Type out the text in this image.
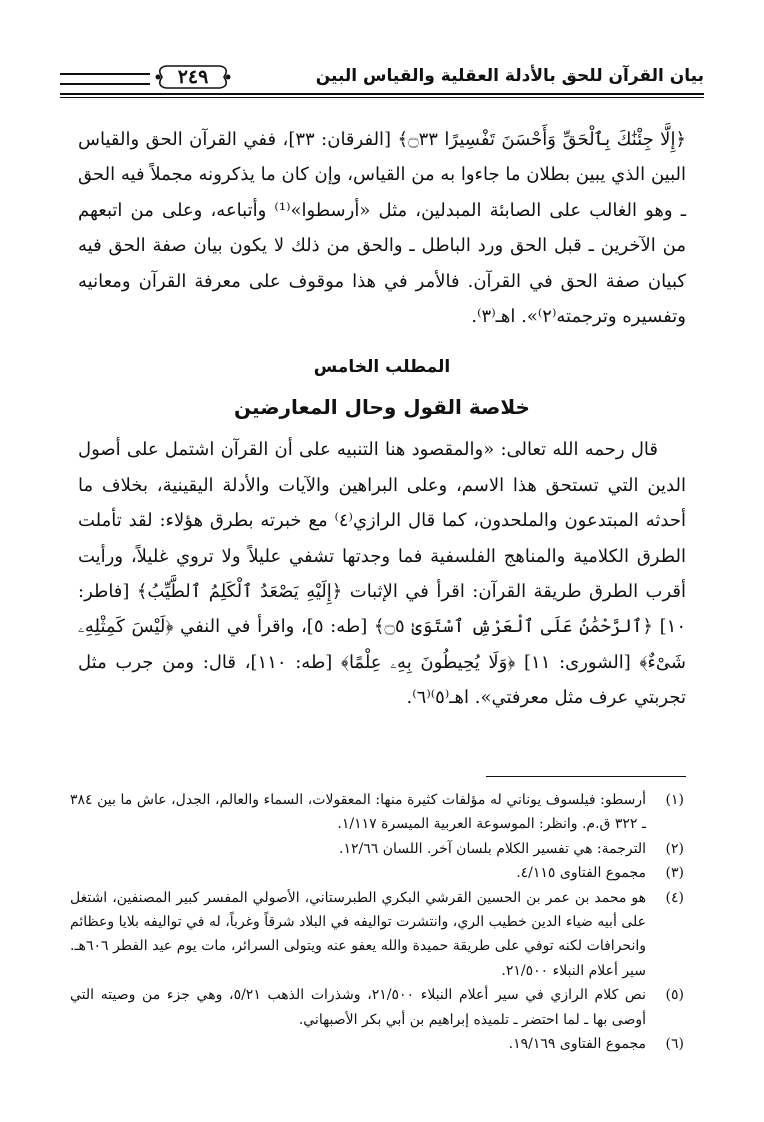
بيان القرآن للحق بالأدلة العقلية والقياس البين
٢٤٩

﴿إِلَّا جِئْنَٰكَ بِٱلْحَقِّ وَأَحْسَنَ تَفْسِيرًا ۝٣٣﴾ [الفرقان: ٣٣]، ففي القرآن الحق والقياس البين الذي يبين بطلان ما جاءوا به من القياس، وإن كان ما يذكرونه مجملاً فيه الحق ـ وهو الغالب على الصابئة المبدلين، مثل «أرسطوا»⁽¹⁾ وأتباعه، وعلى من اتبعهم من الآخرين ـ قبل الحق ورد الباطل ـ والحق من ذلك لا يكون بيان صفة الحق فيه كبيان صفة الحق في القرآن. فالأمر في هذا موقوف على معرفة القرآن ومعانيه وتفسيره وترجمته⁽٢⁾». اهـ⁽٣⁾.

المطلب الخامس

خلاصة القول وحال المعارضين

قال رحمه الله تعالى: «والمقصود هنا التنبيه على أن القرآن اشتمل على أصول الدين التي تستحق هذا الاسم، وعلى البراهين والآيات والأدلة اليقينية، بخلاف ما أحدثه المبتدعون والملحدون، كما قال الرازي⁽٤⁾ مع خبرته بطرق هؤلاء: لقد تأملت الطرق الكلامية والمناهج الفلسفية فما وجدتها تشفي عليلاً ولا تروي غليلاً، ورأيت أقرب الطرق طريقة القرآن: اقرأ في الإثبات ﴿إِلَيْهِ يَصْعَدُ ٱلْكَلِمُ ٱلطَّيِّبُ﴾ [فاطر: ١٠] ﴿ٱلرَّحْمَٰنُ عَلَى ٱلْعَرْشِ ٱسْتَوَىٰ ۝٥﴾ [طه: ٥]، واقرأ في النفي ﴿لَيْسَ كَمِثْلِهِۦ شَىْءٌ﴾ [الشورى: ١١] ﴿وَلَا يُحِيطُونَ بِهِۦ عِلْمًا﴾ [طه: ١١٠]، قال: ومن جرب مثل تجربتي عرف مثل معرفتي». اهـ⁽٥⁾⁽٦⁾.

(١)
أرسطو: فيلسوف يوناني له مؤلفات كثيرة منها: المعقولات، السماء والعالم، الجدل، عاش ما بين ٣٨٤ ـ ٣٢٢ ق.م. وانظر: الموسوعة العربية الميسرة ١/١١٧.
(٢)
الترجمة: هي تفسير الكلام بلسان آخر. اللسان ١٢/٦٦.
(٣)
مجموع الفتاوى ٤/١١٥.
(٤)
هو محمد بن عمر بن الحسين القرشي البكري الطبرستاني، الأصولي المفسر كبير المصنفين، اشتغل على أبيه ضياء الدين خطيب الري، وانتشرت تواليفه في البلاد شرقاً وغرباً، له في تواليفه بلايا وعظائم وانحرافات لكنه توفي على طريقة حميدة والله يعفو عنه ويتولى السرائر، مات يوم عيد الفطر ٦٠٦هـ. سير أعلام النبلاء ٢١/٥٠٠.
(٥)
نص كلام الرازي في سير أعلام النبلاء ٢١/٥٠٠، وشذرات الذهب ٥/٢١، وهي جزء من وصيته التي أوصى بها ـ لما احتضر ـ تلميذه إبراهيم بن أبي بكر الأصبهاني.
(٦)
مجموع الفتاوى ١٩/١٦٩.
